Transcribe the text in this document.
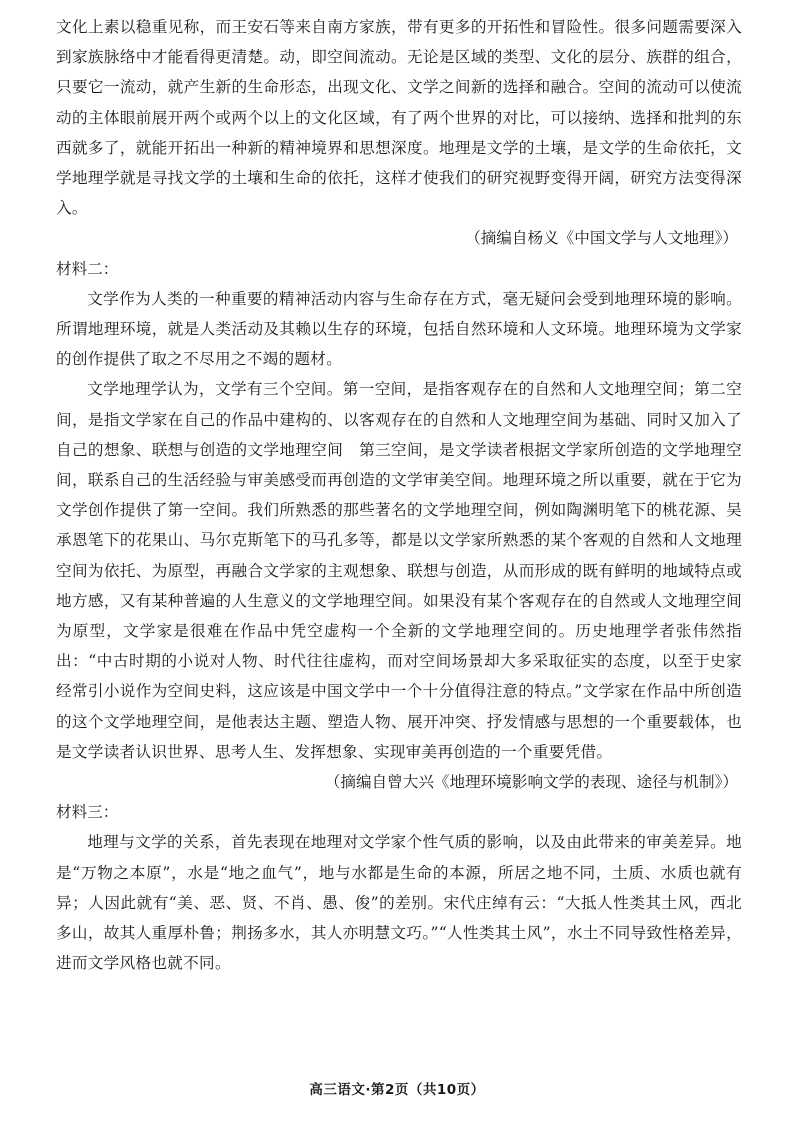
文化上素以稳重见称，而王安石等来自南方家族，带有更多的开拓性和冒险性。很多问题需要深入到家族脉络中才能看得更清楚。动，即空间流动。无论是区域的类型、文化的层分、族群的组合，只要它一流动，就产生新的生命形态，出现文化、文学之间新的选择和融合。空间的流动可以使流动的主体眼前展开两个或两个以上的文化区域，有了两个世界的对比，可以接纳、选择和批判的东西就多了，就能开拓出一种新的精神境界和思想深度。地理是文学的土壤，是文学的生命依托，文学地理学就是寻找文学的土壤和生命的依托，这样才使我们的研究视野变得开阔，研究方法变得深入。

（摘编自杨义《中国文学与人文地理》）

材料二：

文学作为人类的一种重要的精神活动内容与生命存在方式，毫无疑问会受到地理环境的影响。所谓地理环境，就是人类活动及其赖以生存的环境，包括自然环境和人文环境。地理环境为文学家的创作提供了取之不尽用之不竭的题材。

文学地理学认为，文学有三个空间。第一空间，是指客观存在的自然和人文地理空间；第二空间，是指文学家在自己的作品中建构的、以客观存在的自然和人文地理空间为基础、同时又加入了自己的想象、联想与创造的文学地理空间　第三空间，是文学读者根据文学家所创造的文学地理空间，联系自己的生活经验与审美感受而再创造的文学审美空间。地理环境之所以重要，就在于它为文学创作提供了第一空间。我们所熟悉的那些著名的文学地理空间，例如陶渊明笔下的桃花源、吴承恩笔下的花果山、马尔克斯笔下的马孔多等，都是以文学家所熟悉的某个客观的自然和人文地理空间为依托、为原型，再融合文学家的主观想象、联想与创造，从而形成的既有鲜明的地域特点或地方感，又有某种普遍的人生意义的文学地理空间。如果没有某个客观存在的自然或人文地理空间为原型，文学家是很难在作品中凭空虚构一个全新的文学地理空间的。历史地理学者张伟然指出：“中古时期的小说对人物、时代往往虚构，而对空间场景却大多采取征实的态度，以至于史家经常引小说作为空间史料，这应该是中国文学中一个十分值得注意的特点。”文学家在作品中所创造的这个文学地理空间，是他表达主题、塑造人物、展开冲突、抒发情感与思想的一个重要载体，也是文学读者认识世界、思考人生、发挥想象、实现审美再创造的一个重要凭借。

（摘编自曾大兴《地理环境影响文学的表现、途径与机制》）

材料三：

地理与文学的关系，首先表现在地理对文学家个性气质的影响，以及由此带来的审美差异。地是“万物之本原”，水是“地之血气”，地与水都是生命的本源，所居之地不同，土质、水质也就有异；人因此就有“美、恶、贤、不肖、愚、俊”的差别。宋代庄绰有云：“大抵人性类其土风，西北多山，故其人重厚朴鲁；荆扬多水，其人亦明慧文巧。”“人性类其土风”，水土不同导致性格差异，进而文学风格也就不同。

高三语文·第2页（共10页）
